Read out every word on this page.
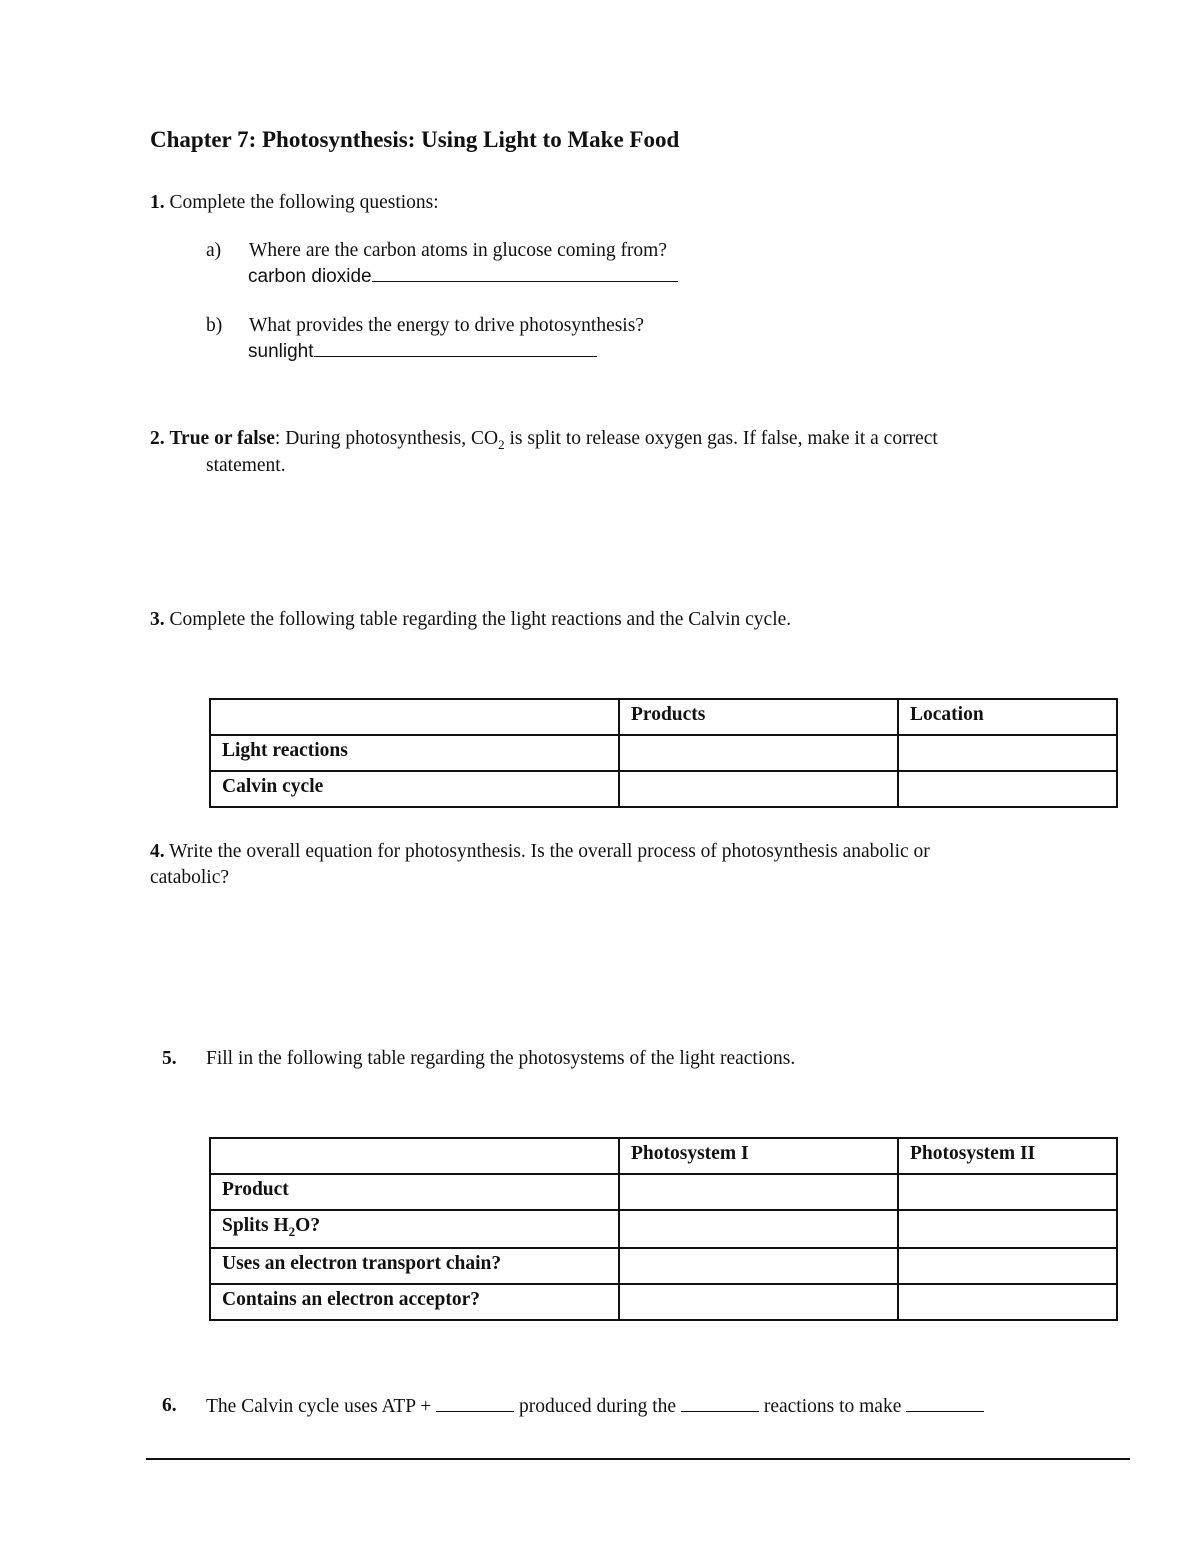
Chapter 7: Photosynthesis: Using Light to Make Food
1. Complete the following questions:
a) Where are the carbon atoms in glucose coming from?
carbon dioxide
b) What provides the energy to drive photosynthesis?
sunlight
2. True or false: During photosynthesis, $CO_2$ is split to release oxygen gas. If false, make it a correct
statement.
3. Complete the following table regarding the light reactions and the Calvin cycle.
	Products	Location
Light reactions		
Calvin cycle		
4. Write the overall equation for photosynthesis. Is the overall process of photosynthesis anabolic or
catabolic?
5. Fill in the following table regarding the photosystems of the light reactions.
	Photosystem I	Photosystem II
Product		
Splits $H_2O$?		
Uses an electron transport chain?		
Contains an electron acceptor?		
6. The Calvin cycle uses ATP +	produced during the	reactions to make
